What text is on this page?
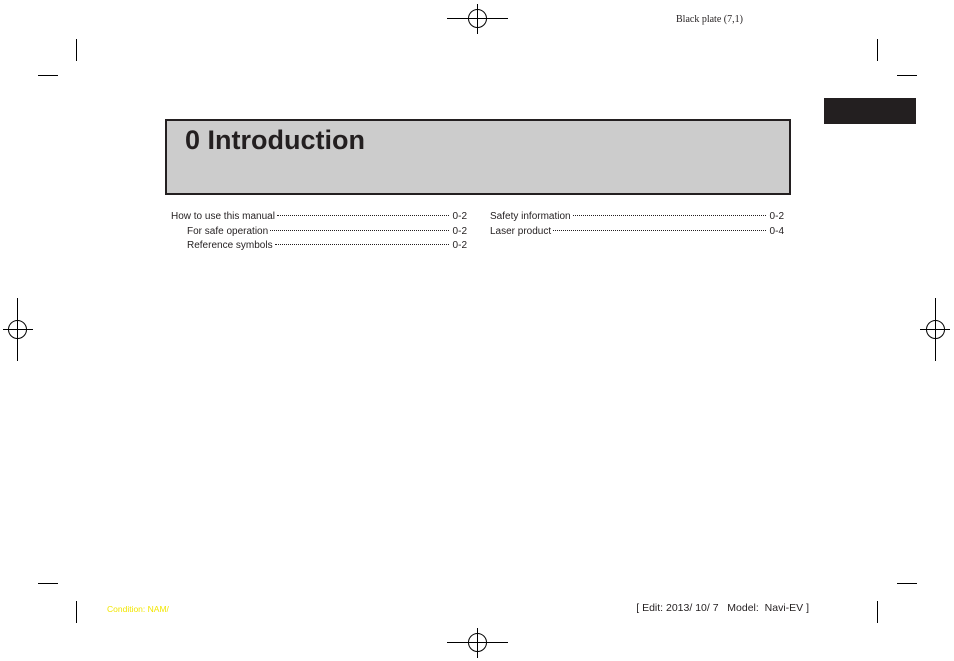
Black plate (7,1)
0 Introduction
How to use this manual	0-2
For safe operation	0-2
Reference symbols	0-2
Safety information	0-2
Laser product	0-4
Condition: NAM/	[ Edit: 2013/ 10/ 7   Model:  Navi-EV ]
